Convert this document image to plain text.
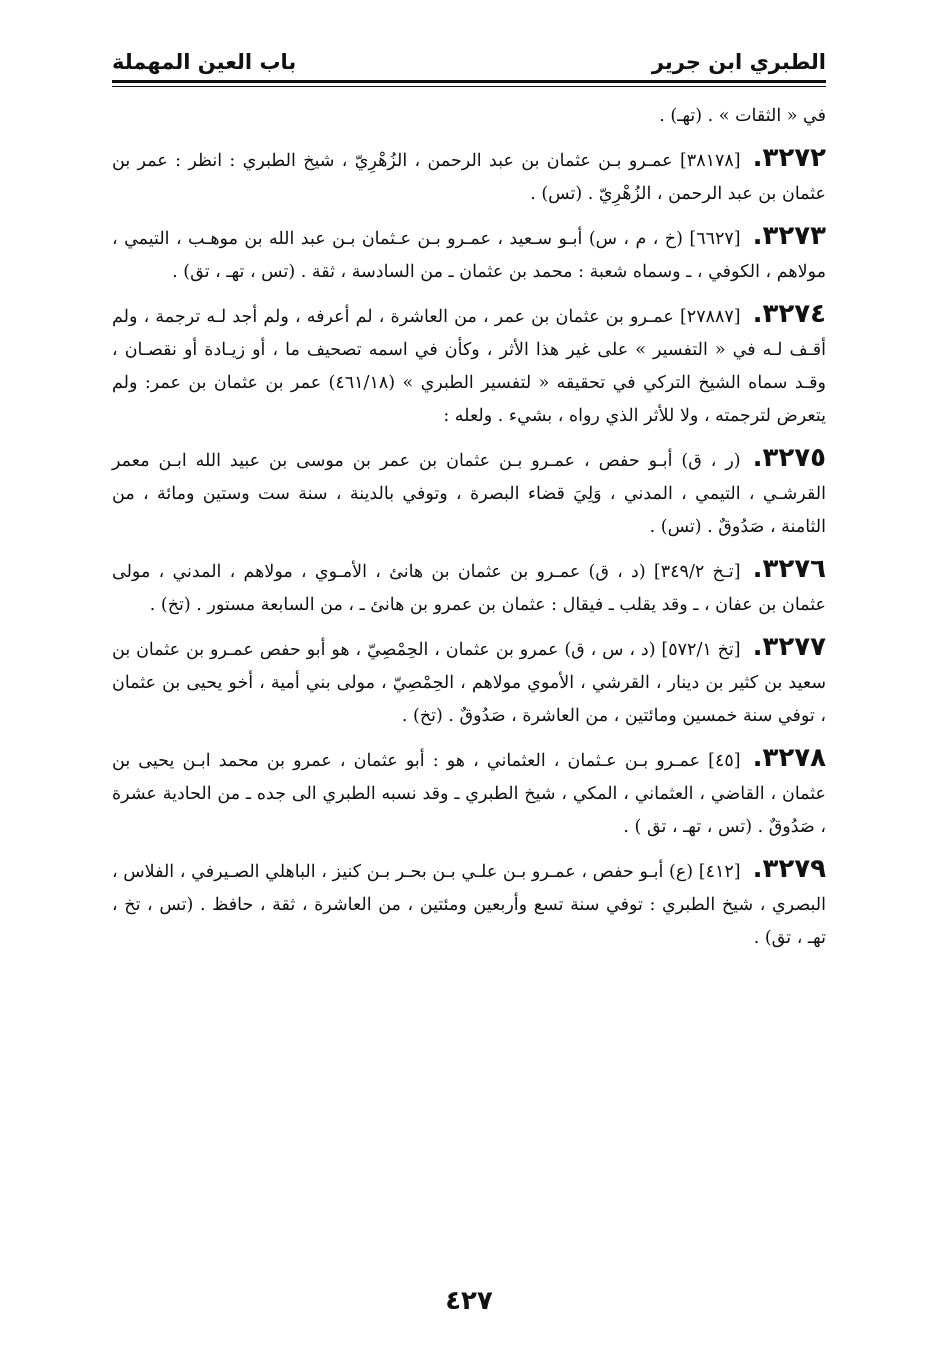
الطبري ابن جرير
باب العين المهملة

في « الثقات » . (تهـ) .

٣٢٧٢.[٣٨١٧٨] عمـرو بـن عثمان بن عبد الرحمن ، الزُهْرِيّ ، شيخ الطبري : انظر : عمر بن عثمان بن عبد الرحمن ، الزُهْرِيّ . (تس) .

٣٢٧٣.[٦٦٢٧] (خ ، م ، س) أبـو سـعيد ، عمـرو بـن عـثمان بـن عبد الله بن موهـب ، التيمي ، مولاهم ، الكوفي ، ـ وسماه شعبة : محمد بن عثمان ـ من السادسة ، ثقة . (تس ، تهـ ، تق) .

٣٢٧٤.[٢٧٨٨٧] عمـرو بن عثمان بن عمر ، من العاشرة ، لم أعرفه ، ولم أجد لـه ترجمة ، ولم أقـف لـه في « التفسير » على غير هذا الأثر ، وكأن في اسمه تصحيف ما ، أو زيـادة أو نقصـان ، وقـد سماه الشيخ التركي في تحقيقه « لتفسير الطبري » (٤٦١/١٨) عمر بن عثمان بن عمر: ولم يتعرض لترجمته ، ولا للأثر الذي رواه ، بشيء . ولعله :

٣٢٧٥.(ر ، ق) أبـو حفص ، عمـرو بـن عثمان بن عمر بن موسى بن عبيد الله ابـن معمر القرشـي ، التيمي ، المدني ، وَلِيَ قضاء البصرة ، وتوفي بالدينة ، سنة ست وستين ومائة ، من الثامنة ، صَدُوقٌ . (تس) .

٣٢٧٦.[تـخ ٣٤٩/٢] (د ، ق) عمـرو بن عثمان بن هانئ ، الأمـوي ، مولاهم ، المدني ، مولى عثمان بن عفان ، ـ وقد يقلب ـ فيقال : عثمان بن عمرو بن هانئ ـ ، من السابعة مستور . (تخ) .

٣٢٧٧.[تخ ٥٧٢/١] (د ، س ، ق) عمرو بن عثمان ، الحِمْصِيّ ، هو أبو حفص عمـرو بن عثمان بن سعيد بن كثير بن دينار ، القرشي ، الأموي مولاهم ، الحِمْصِيّ ، مولى بني أمية ، أخو يحيى بن عثمان ، توفي سنة خمسين ومائتين ، من العاشرة ، صَدُوقٌ . (تخ) .

٣٢٧٨.[٤٥] عمـرو بـن عـثمان ، العثماني ، هو : أبو عثمان ، عمرو بن محمد ابـن يحيى بن عثمان ، القاضي ، العثماني ، المكي ، شيخ الطبري ـ وقد نسبه الطبري الى جده ـ من الحادية عشرة ، صَدُوقٌ . (تس ، تهـ ، تق ) .

٣٢٧٩.[٤١٢] (ع) أبـو حفص ، عمـرو بـن علـي بـن بحـر بـن كنيز ، الباهلي الصـيرفي ، الفلاس ، البصري ، شيخ الطبري : توفي سنة تسع وأربعين ومئتين ، من العاشرة ، ثقة ، حافظ . (تس ، تخ ، تهـ ، تق) .

٤٢٧
